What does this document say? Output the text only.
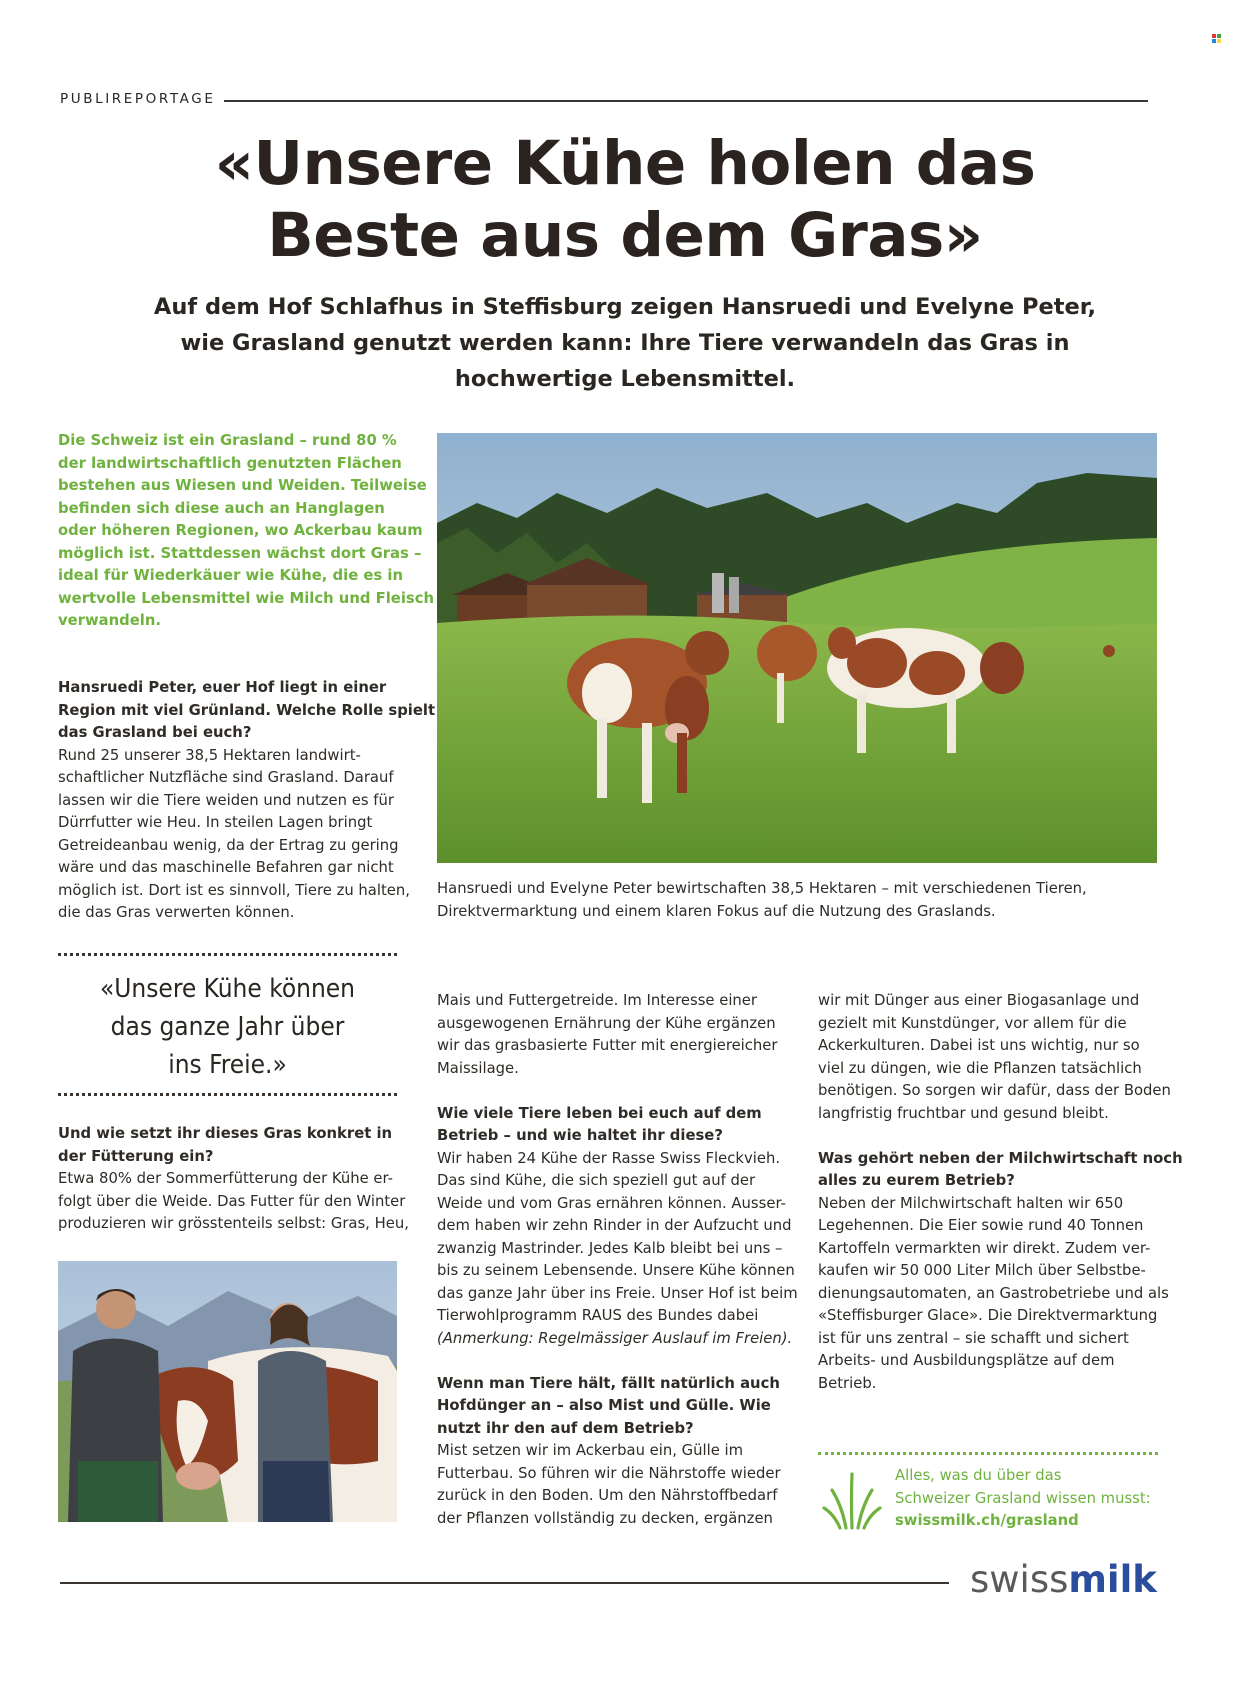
PUBLIREPORTAGE
«Unsere Kühe holen das
Beste aus dem Gras»
Auf dem Hof Schlafhus in Steffisburg zeigen Hansruedi und Evelyne Peter,
wie Grasland genutzt werden kann: Ihre Tiere verwandeln das Gras in
hochwertige Lebensmittel.
Die Schweiz ist ein Grasland – rund 80 %
der landwirtschaftlich genutzten Flächen
bestehen aus Wiesen und Weiden. Teilweise
befinden sich diese auch an Hanglagen
oder höheren Regionen, wo Ackerbau kaum
möglich ist. Stattdessen wächst dort Gras –
ideal für Wiederkäuer wie Kühe, die es in
wertvolle Lebensmittel wie Milch und Fleisch
verwandeln.
Hansruedi Peter, euer Hof liegt in einer
Region mit viel Grünland. Welche Rolle spielt
das Grasland bei euch?
Rund 25 unserer 38,5 Hektaren landwirt-
schaftlicher Nutzfläche sind Grasland. Darauf
lassen wir die Tiere weiden und nutzen es für
Dürrfutter wie Heu. In steilen Lagen bringt
Getreideanbau wenig, da der Ertrag zu gering
wäre und das maschinelle Befahren gar nicht
möglich ist. Dort ist es sinnvoll, Tiere zu halten,
die das Gras verwerten können.
«Unsere Kühe können
das ganze Jahr über
ins Freie.»
Und wie setzt ihr dieses Gras konkret in
der Fütterung ein?
Etwa 80% der Sommerfütterung der Kühe er-
folgt über die Weide. Das Futter für den Winter
produzieren wir grösstenteils selbst: Gras, Heu,
Hansruedi und Evelyne Peter bewirtschaften 38,5 Hektaren – mit verschiedenen Tieren,
Direktvermarktung und einem klaren Fokus auf die Nutzung des Graslands.
Mais und Futtergetreide. Im Interesse einer
ausgewogenen Ernährung der Kühe ergänzen
wir das grasbasierte Futter mit energiereicher
Maissilage.
Wie viele Tiere leben bei euch auf dem
Betrieb – und wie haltet ihr diese?
Wir haben 24 Kühe der Rasse Swiss Fleckvieh.
Das sind Kühe, die sich speziell gut auf der
Weide und vom Gras ernähren können. Ausser-
dem haben wir zehn Rinder in der Aufzucht und
zwanzig Mastrinder. Jedes Kalb bleibt bei uns –
bis zu seinem Lebensende. Unsere Kühe können
das ganze Jahr über ins Freie. Unser Hof ist beim
Tierwohlprogramm RAUS des Bundes dabei
(Anmerkung: Regelmässiger Auslauf im Freien).
Wenn man Tiere hält, fällt natürlich auch
Hofdünger an – also Mist und Gülle. Wie
nutzt ihr den auf dem Betrieb?
Mist setzen wir im Ackerbau ein, Gülle im
Futterbau. So führen wir die Nährstoffe wieder
zurück in den Boden. Um den Nährstoffbedarf
der Pflanzen vollständig zu decken, ergänzen
wir mit Dünger aus einer Biogasanlage und
gezielt mit Kunstdünger, vor allem für die
Ackerkulturen. Dabei ist uns wichtig, nur so
viel zu düngen, wie die Pflanzen tatsächlich
benötigen. So sorgen wir dafür, dass der Boden
langfristig fruchtbar und gesund bleibt.
Was gehört neben der Milchwirtschaft noch
alles zu eurem Betrieb?
Neben der Milchwirtschaft halten wir 650
Legehennen. Die Eier sowie rund 40 Tonnen
Kartoffeln vermarkten wir direkt. Zudem ver-
kaufen wir 50 000 Liter Milch über Selbstbe-
dienungsautomaten, an Gastrobetriebe und als
«Steffisburger Glace». Die Direktvermarktung
ist für uns zentral – sie schafft und sichert
Arbeits- und Ausbildungsplätze auf dem
Betrieb.
Alles, was du über das
Schweizer Grasland wissen musst:
swissmilk.ch/grasland
swissmilk
